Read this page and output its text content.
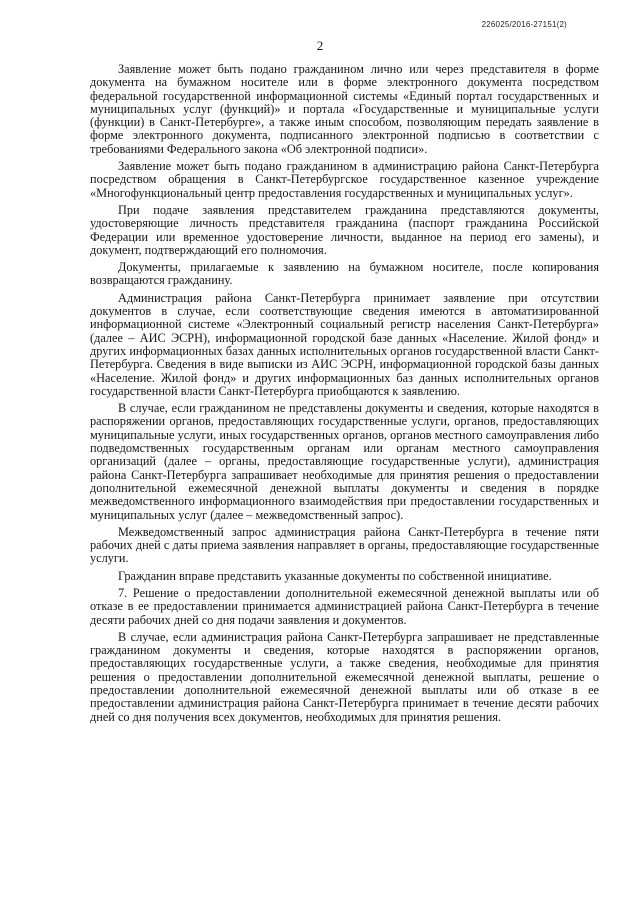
226025/2016-27151(2)
2

Заявление может быть подано гражданином лично или через представителя в форме документа на бумажном носителе или в форме электронного документа посредством федеральной государственной информационной системы «Единый портал государственных и муниципальных услуг (функций)» и портала «Государственные и муниципальные услуги (функции) в Санкт-Петербурге», а также иным способом, позволяющим передать заявление в форме электронного документа, подписанного электронной подписью в соответствии с требованиями Федерального закона «Об электронной подписи».

Заявление может быть подано гражданином в администрацию района Санкт-Петербурга посредством обращения в Санкт-Петербургское государственное казенное учреждение «Многофункциональный центр предоставления государственных и муниципальных услуг».

При подаче заявления представителем гражданина представляются документы, удостоверяющие личность представителя гражданина (паспорт гражданина Российской Федерации или временное удостоверение личности, выданное на период его замены), и документ, подтверждающий его полномочия.

Документы, прилагаемые к заявлению на бумажном носителе, после копирования возвращаются гражданину.

Администрация района Санкт-Петербурга принимает заявление при отсутствии документов в случае, если соответствующие сведения имеются в автоматизированной информационной системе «Электронный социальный регистр населения Санкт-Петербурга» (далее – АИС ЭСРН), информационной городской базе данных «Население. Жилой фонд» и других информационных базах данных исполнительных органов государственной власти Санкт-Петербурга. Сведения в виде выписки из АИС ЭСРН, информационной городской базы данных «Население. Жилой фонд» и других информационных баз данных исполнительных органов государственной власти Санкт-Петербурга приобщаются к заявлению.

В случае, если гражданином не представлены документы и сведения, которые находятся в распоряжении органов, предоставляющих государственные услуги, органов, предоставляющих муниципальные услуги, иных государственных органов, органов местного самоуправления либо подведомственных государственным органам или органам местного самоуправления организаций (далее – органы, предоставляющие государственные услуги), администрация района Санкт-Петербурга запрашивает необходимые для принятия решения о предоставлении дополнительной ежемесячной денежной выплаты документы и сведения в порядке межведомственного информационного взаимодействия при предоставлении государственных и муниципальных услуг (далее – межведомственный запрос).

Межведомственный запрос администрация района Санкт-Петербурга в течение пяти рабочих дней с даты приема заявления направляет в органы, предоставляющие государственные услуги.

Гражданин вправе представить указанные документы по собственной инициативе.

7. Решение о предоставлении дополнительной ежемесячной денежной выплаты или об отказе в ее предоставлении принимается администрацией района Санкт-Петербурга в течение десяти рабочих дней со дня подачи заявления и документов.

В случае, если администрация района Санкт-Петербурга запрашивает не представленные гражданином документы и сведения, которые находятся в распоряжении органов, предоставляющих государственные услуги, а также сведения, необходимые для принятия решения о предоставлении дополнительной ежемесячной денежной выплаты, решение о предоставлении дополнительной ежемесячной денежной выплаты или об отказе в ее предоставлении администрация района Санкт-Петербурга принимает в течение десяти рабочих дней со дня получения всех документов, необходимых для принятия решения.
